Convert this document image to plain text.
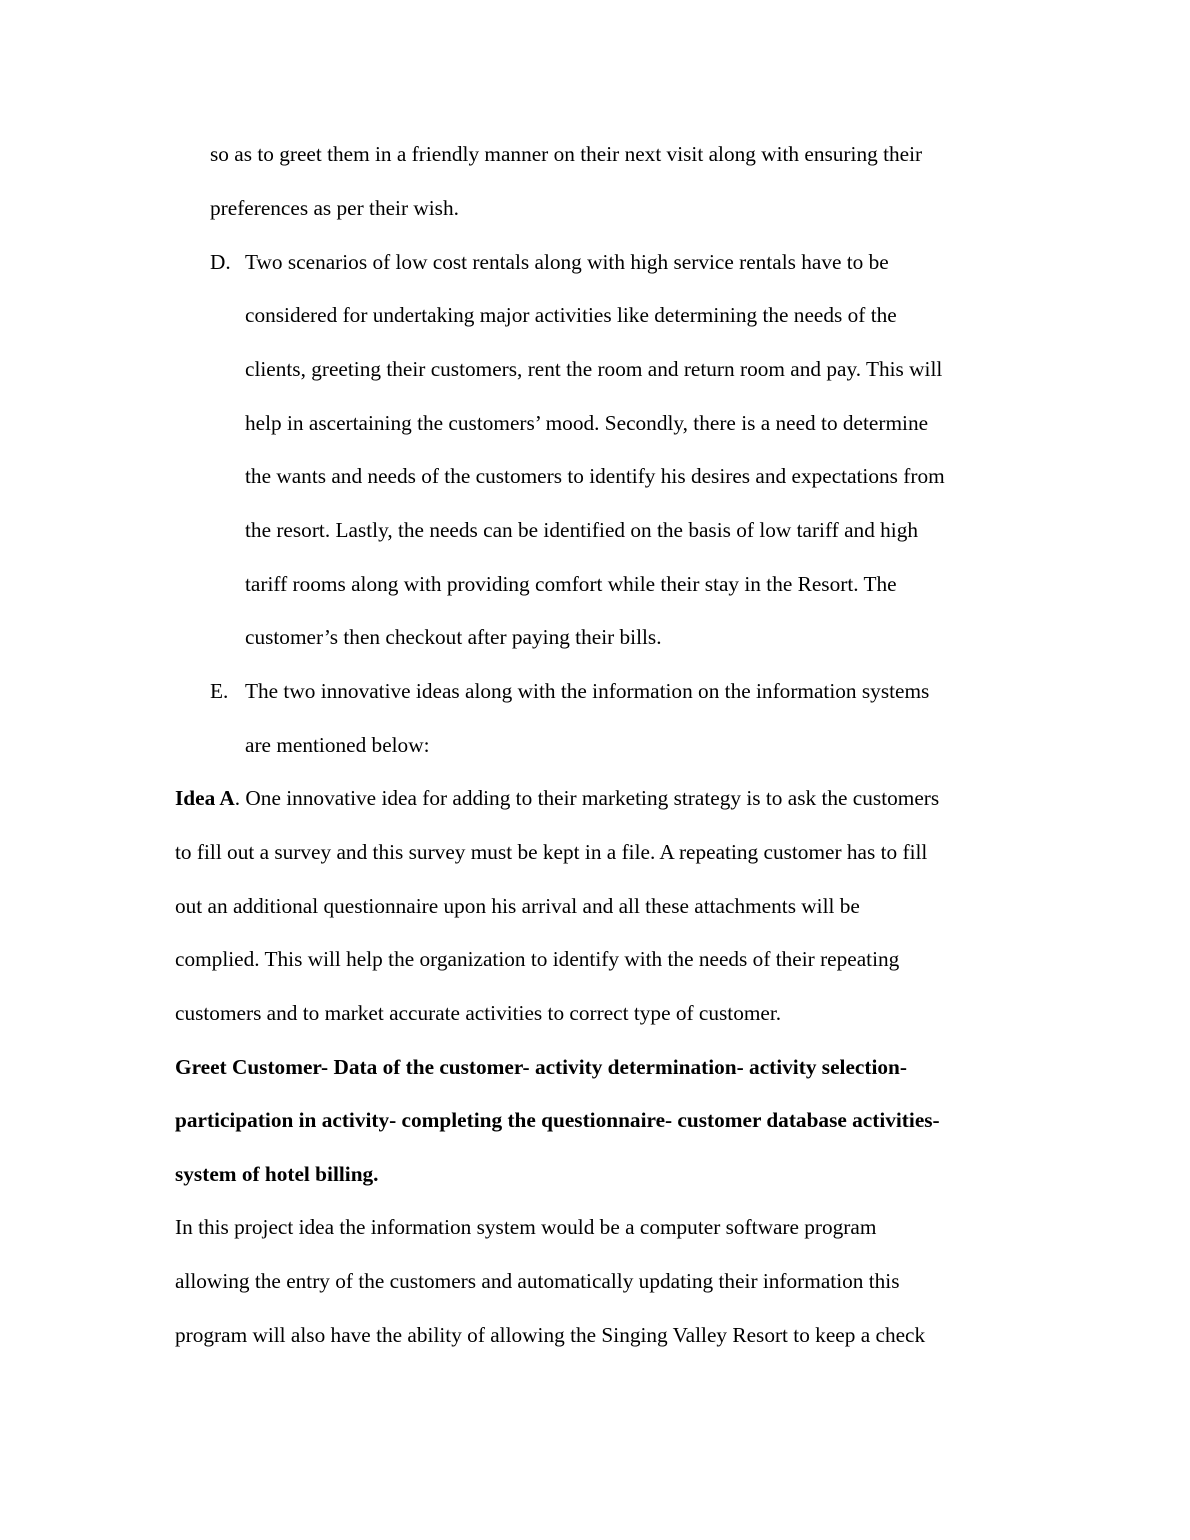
so as to greet them in a friendly manner on their next visit along with ensuring their
preferences as per their wish.
D. Two scenarios of low cost rentals along with high service rentals have to be
considered for undertaking major activities like determining the needs of the
clients, greeting their customers, rent the room and return room and pay. This will
help in ascertaining the customers’ mood. Secondly, there is a need to determine
the wants and needs of the customers to identify his desires and expectations from
the resort. Lastly, the needs can be identified on the basis of low tariff and high
tariff rooms along with providing comfort while their stay in the Resort. The
customer’s then checkout after paying their bills.
E. The two innovative ideas along with the information on the information systems
are mentioned below:
Idea A. One innovative idea for adding to their marketing strategy is to ask the customers
to fill out a survey and this survey must be kept in a file. A repeating customer has to fill
out an additional questionnaire upon his arrival and all these attachments will be
complied. This will help the organization to identify with the needs of their repeating
customers and to market accurate activities to correct type of customer.
Greet Customer- Data of the customer- activity determination- activity selection-
participation in activity- completing the questionnaire- customer database activities-
system of hotel billing.
In this project idea the information system would be a computer software program
allowing the entry of the customers and automatically updating their information this
program will also have the ability of allowing the Singing Valley Resort to keep a check
